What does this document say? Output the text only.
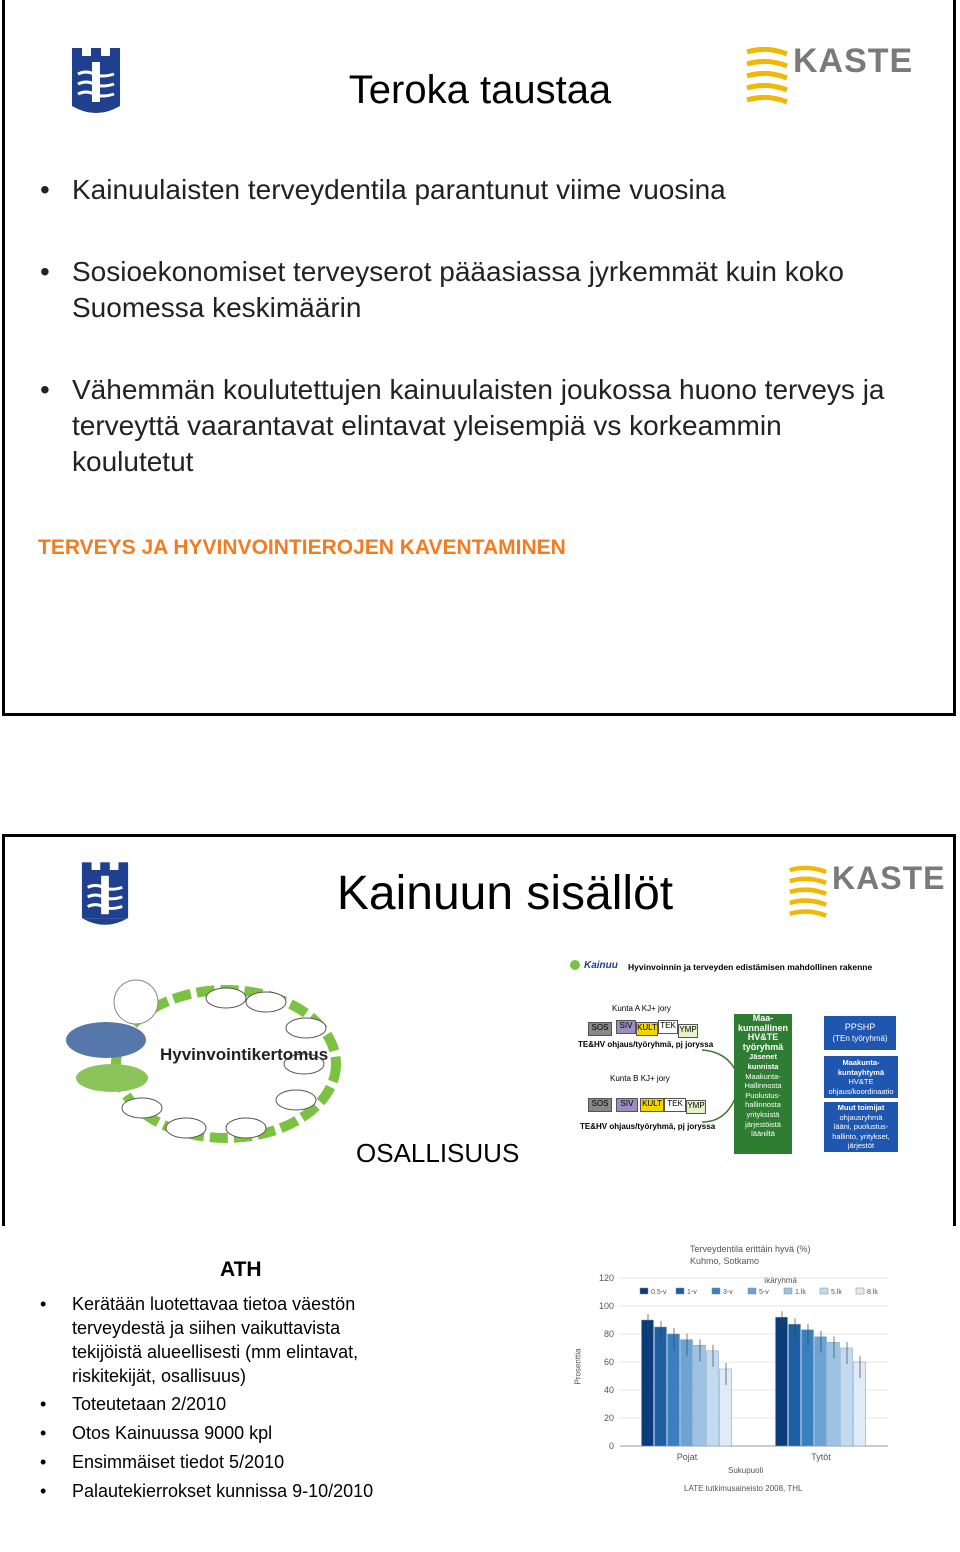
KASTE
Teroka taustaa
• Kainuulaisten terveydentila parantunut viime vuosina
• Sosioekonomiset terveyserot pääasiassa jyrkemmät kuin koko Suomessa keskimäärin
• Vähemmän koulutettujen kainuulaisten joukossa huono terveys ja terveyttä vaarantavat elintavat yleisempiä vs korkeammin koulutetut
TERVEYS JA HYVINVOINTIEROJEN KAVENTAMINEN
KASTE
Kainuun sisällöt
Hyvinvointikertomus
OSALLISUUS
Kainuu Hyvinvoinnin ja terveyden edistämisen mahdollinen rakenne
Kunta A KJ+ jory
SOS	SIV KULT TEK YMP
TE&HV ohjaus/työryhmä, pj joryssa
Kunta B KJ+ jory
SOS	SIV	KULT TEK YMP
TE&HV ohjaus/työryhmä, pj joryssa
Maa-
kunnallinen
HV&TE
työryhmä
Jäsenet
kunnista
Maakunta-
Hallinnosta
Puolustus-
hallinnosta
yrityksistä
järjestöistä
lääniltä
PPSHP
(TEn työryhmä)
Maakunta-
kuntayhtymä
HV&TE
ohjaus/koordinaatio
Muut toimijat
ohjausryhmä
lääni, puolustus-
hallinto, yritykset,
järjestöt
ATH
• Kerätään luotettavaa tietoa väestön terveydestä ja siihen vaikuttavista tekijöistä alueellisesti (mm elintavat, riskitekijät, osallisuus)
• Toteutetaan 2/2010
• Otos Kainuussa 9000 kpl
• Ensimmäiset tiedot 5/2010
• Palautekierrokset kunnissa 9-10/2010
Terveydentila erittäin hyvä (%)
Kuhmo, Sotkamo
Ikäryhmä
Prosenttia
Sukupuoli
LATE tutkimusaineisto 2008, THL
0
20
40
60
80
100
120
0.5-v	1-v	3-v	5-v	1.lk	5.lk	8.lk
Pojat	Tytöt
